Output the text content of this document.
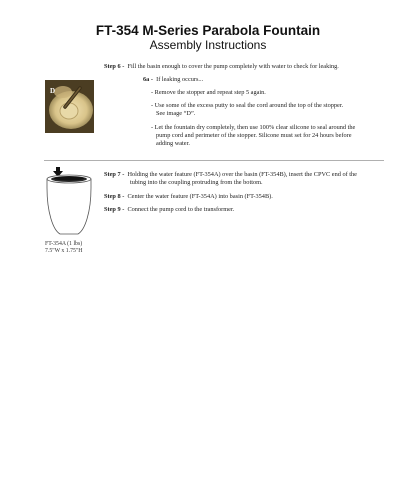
FT-354 M-Series Parabola Fountain
Assembly Instructions
Step 6 - Fill the basin enough to cover the pump completely with water to check for leaking.
6a - If leaking occurs...
- Remove the stopper and repeat step 5 again.
- Use some of the excess putty to seal the cord around the top of the stopper.
See image “D”.
- Let the fountain dry completely, then use 100% clear silicone to seal around the
pump cord and perimeter of the stopper. Silicone must set for 24 hours before
adding water.
D
FT-354A (1 lbs)
7.5"W x 1.75"H
Step 7 - Holding the water feature (FT-354A) over the basin (FT-354B), insert the CPVC end of the
tubing into the coupling protruding from the bottom.
Step 8 - Center the water feature (FT-354A) into basin (FT-354B).
Step 9 - Connect the pump cord to the transformer.
